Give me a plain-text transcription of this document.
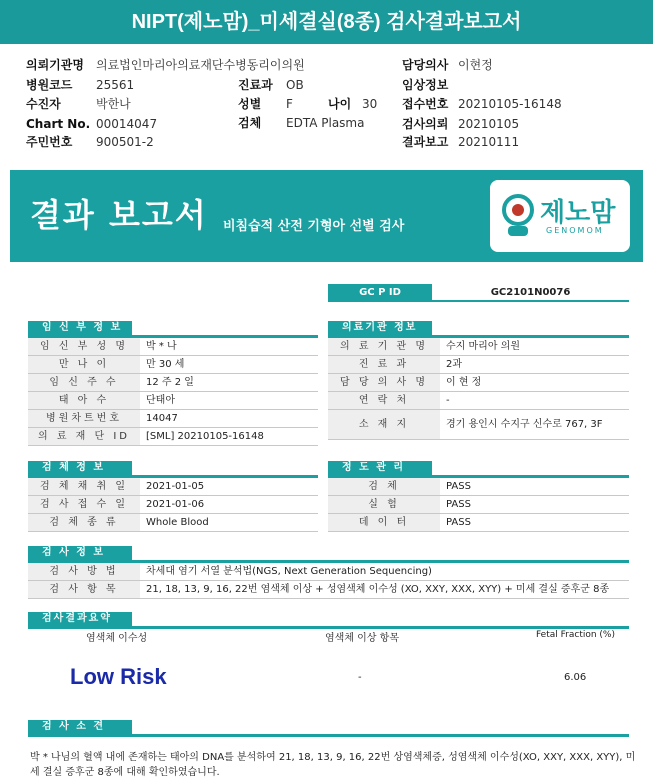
NIPT(제노맘)_미세결실(8종) 검사결과보고서
의뢰기관명 의료법인마리아의료재단수병동리이의원
병원코드 25561
수진자	박한나
Chart No. 00014047
주민번호 900501-2
진료과 OB
성별 F	나이 30
검체 EDTA Plasma
담당의사 이현정
임상정보
접수번호 20210105-16148
검사의뢰 20210105
결과보고 20210111
결과 보고서 비침습적 산전 기형아 선별 검사	제노맘
GENOMOM
GC P ID	GC2101N0076
임 신 부 정 보
임 신 부 성 명	박 * 나
만 나 이	만 30 세
임 신 주 수	12 주 2 일
태 아 수	단태아
병원차트번호	14047
의 료 재 단 ID	[SML] 20210105-16148
의료기관 정보
의 료 기 관 명	수지 마리아 의원
진 료 과	2과
담 당 의 사 명	이 현 정
연 락 처	-
소 재 지	경기 용인시 수지구 신수로 767, 3F
검 체 정 보
검 체 채 취 일	2021-01-05
검 사 접 수 일	2021-01-06
검 체 종 류	Whole Blood
정 도 관 리
검 체	PASS
실 험	PASS
데 이 터	PASS
검 사 정 보
검 사 방 법	차세대 염기 서열 분석법(NGS, Next Generation Sequencing)
검 사 항 목	21, 18, 13, 9, 16, 22번 염색체 이상 + 성염색체 이수성 (XO, XXY, XXX, XYY) + 미세 결실 증후군 8종
검사결과요약
염색체 이수성	염색체 이상 항목	Fetal Fraction (%)
Low Risk	-	6.06
검 사 소 견
박 * 나님의 혈액 내에 존재하는 태아의 DNA를 분석하여 21, 18, 13, 9, 16, 22번 상염색체증, 성염색체 이수성(XO, XXY, XXX, XYY), 미세 결실 증후군 8종에 대해 확인하였습니다.
